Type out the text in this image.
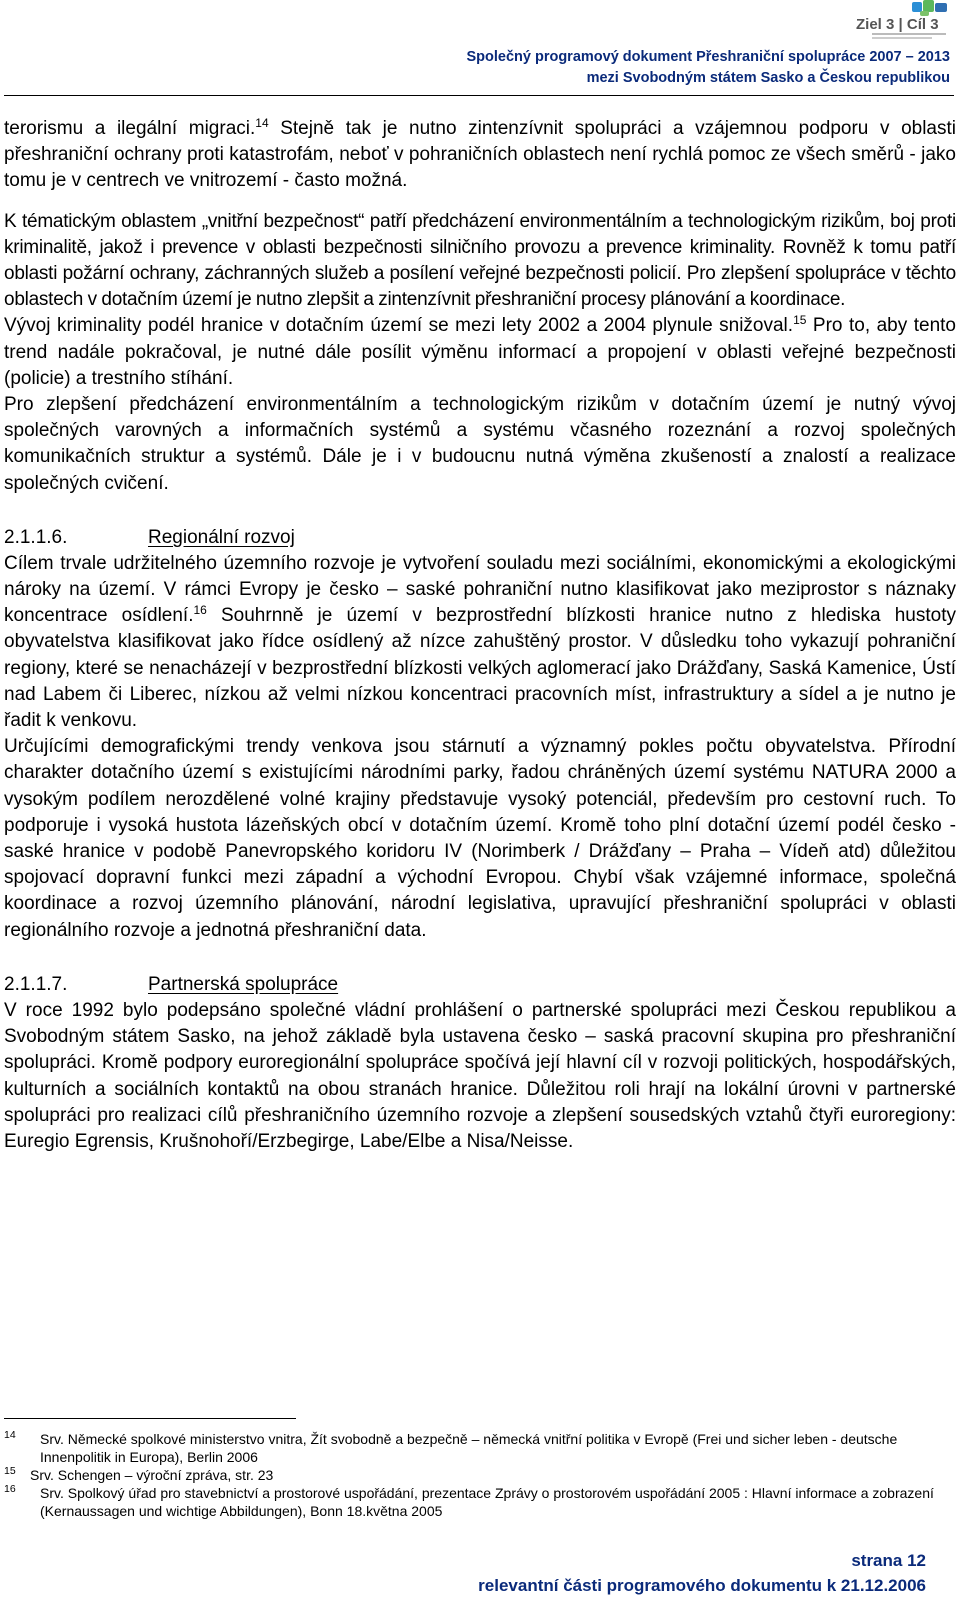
Ziel 3 | Cíl 3
Společný programový dokument Přeshraniční spolupráce 2007 – 2013
mezi Svobodným státem Sasko a Českou republikou

terorismu a ilegální migraci.$^{14}$ Stejně tak je nutno zintenzívnit spolupráci a vzájemnou podporu v oblasti přeshraniční ochrany proti katastrofám, neboť v pohraničních oblastech není rychlá pomoc ze všech směrů - jako tomu je v centrech ve vnitrozemí - často možná.

K tématickým oblastem „vnitřní bezpečnost“ patří předcházení environmentálním a technologickým rizikům, boj proti kriminalitě, jakož i prevence v oblasti bezpečnosti silničního provozu a prevence kriminality. Rovněž k tomu patří oblasti požární ochrany, záchranných služeb a posílení veřejné bezpečnosti policií. Pro zlepšení spolupráce v těchto oblastech v dotačním území je nutno zlepšit a zintenzívnit přeshraniční procesy plánování a koordinace.

Vývoj kriminality podél hranice v dotačním území se mezi lety 2002 a 2004 plynule snižoval.$^{15}$ Pro to, aby tento trend nadále pokračoval, je nutné dále posílit výměnu informací a propojení v oblasti veřejné bezpečnosti (policie) a trestního stíhání.

Pro zlepšení předcházení environmentálním a technologickým rizikům v dotačním území je nutný vývoj společných varovných a informačních systémů a systému včasného rozeznání a rozvoj společných komunikačních struktur a systémů. Dále je i v budoucnu nutná výměna zkušeností a znalostí a realizace společných cvičení.

2.1.1.6.	Regionální rozvoj

Cílem trvale udržitelného územního rozvoje je vytvoření souladu mezi sociálními, ekonomickými a ekologickými nároky na území. V rámci Evropy je česko – saské pohraniční nutno klasifikovat jako meziprostor s náznaky koncentrace osídlení.$^{16}$ Souhrnně je území v bezprostřední blízkosti hranice nutno z hlediska hustoty obyvatelstva klasifikovat jako řídce osídlený až nízce zahuštěný prostor. V důsledku toho vykazují pohraniční regiony, které se nenacházejí v bezprostřední blízkosti velkých aglomerací jako Drážďany, Saská Kamenice, Ústí nad Labem či Liberec, nízkou až velmi nízkou koncentraci pracovních míst, infrastruktury a sídel a je nutno je řadit k venkovu.

Určujícími demografickými trendy venkova jsou stárnutí a významný pokles počtu obyvatelstva. Přírodní charakter dotačního území s existujícími národními parky, řadou chráněných území systému NATURA 2000 a vysokým podílem nerozdělené volné krajiny představuje vysoký potenciál, především pro cestovní ruch. To podporuje i vysoká hustota lázeňských obcí v dotačním území. Kromě toho plní dotační území podél česko - saské hranice v podobě Panevropského koridoru IV (Norimberk / Drážďany – Praha – Vídeň atd) důležitou spojovací dopravní funkci mezi západní a východní Evropou. Chybí však vzájemné informace, společná koordinace a rozvoj územního plánování, národní legislativa, upravující přeshraniční spolupráci v oblasti regionálního rozvoje a jednotná přeshraniční data.

2.1.1.7.	Partnerská spolupráce

V roce 1992 bylo podepsáno společné vládní prohlášení o partnerské spolupráci mezi Českou republikou a Svobodným státem Sasko, na jehož základě byla ustavena česko – saská pracovní skupina pro přeshraniční spolupráci. Kromě podpory euroregionální spolupráce spočívá její hlavní cíl v rozvoji politických, hospodářských, kulturních a sociálních kontaktů na obou stranách hranice. Důležitou roli hrají na lokální úrovni v partnerské spolupráci pro realizaci cílů přeshraničního územního rozvoje a zlepšení sousedských vztahů čtyři euroregiony: Euregio Egrensis, Krušnohoří/Erzbegirge, Labe/Elbe a Nisa/Neisse.

14 Srv. Německé spolkové ministerstvo vnitra, Žít svobodně a bezpečně – německá vnitřní politika v Evropě (Frei und sicher leben - deutsche Innenpolitik in Europa), Berlin 2006
15 Srv. Schengen – výroční zpráva, str. 23
16 Srv. Spolkový úřad pro stavebnictví a prostorové uspořádání, prezentace Zprávy o prostorovém uspořádání 2005 : Hlavní informace a zobrazení (Kernaussagen und wichtige Abbildungen), Bonn 18.května 2005
strana 12
relevantní části programového dokumentu k 21.12.2006
